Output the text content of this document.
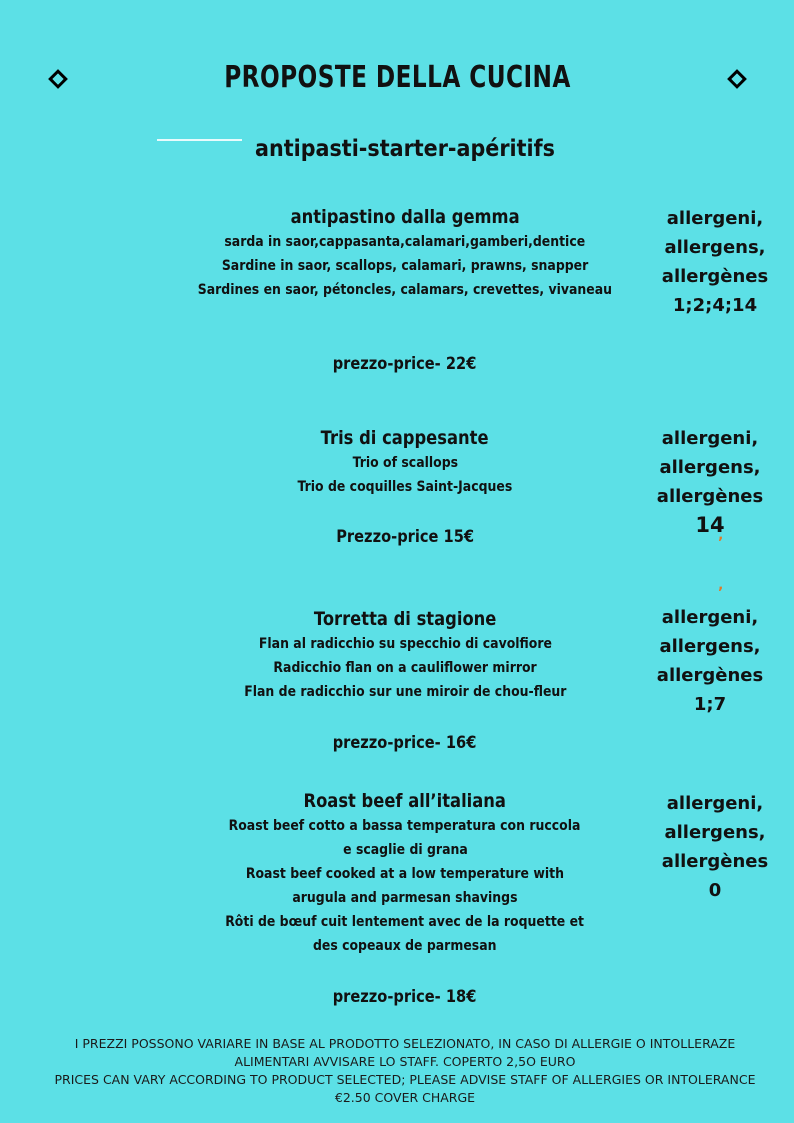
PROPOSTE DELLA CUCINA
antipasti-starter-apéritifs
antipastino dalla gemma
sarda in saor,cappasanta,calamari,gamberi,dentice
Sardine in saor, scallops, calamari, prawns, snapper
Sardines en saor, pétoncles, calamars, crevettes, vivaneau
prezzo-price- 22€
allergeni,
allergens,
allergènes
1;2;4;14
Tris di cappesante
Trio of scallops
Trio de coquilles Saint-Jacques
Prezzo-price 15€
allergeni,
allergens,
allergènes
14
ʼ
ʼ
Torretta di stagione
Flan al radicchio su specchio di cavolfiore
Radicchio flan on a cauliflower mirror
Flan de radicchio sur une miroir de chou-fleur
prezzo-price- 16€
allergeni,
allergens,
allergènes
1;7
Roast beef all’italiana
Roast beef cotto a bassa temperatura con ruccola
e scaglie di grana
Roast beef cooked at a low temperature with
arugula and parmesan shavings
Rôti de bœuf cuit lentement avec de la roquette et
des copeaux de parmesan
prezzo-price- 18€
allergeni,
allergens,
allergènes
0
I PREZZI POSSONO VARIARE IN BASE AL PRODOTTO SELEZIONATO, IN CASO DI ALLERGIE O INTOLLERAZE
ALIMENTARI AVVISARE LO STAFF. COPERTO 2,5O EURO
PRICES CAN VARY ACCORDING TO PRODUCT SELECTED; PLEASE ADVISE STAFF OF ALLERGIES OR INTOLERANCE
€2.50 COVER CHARGE
